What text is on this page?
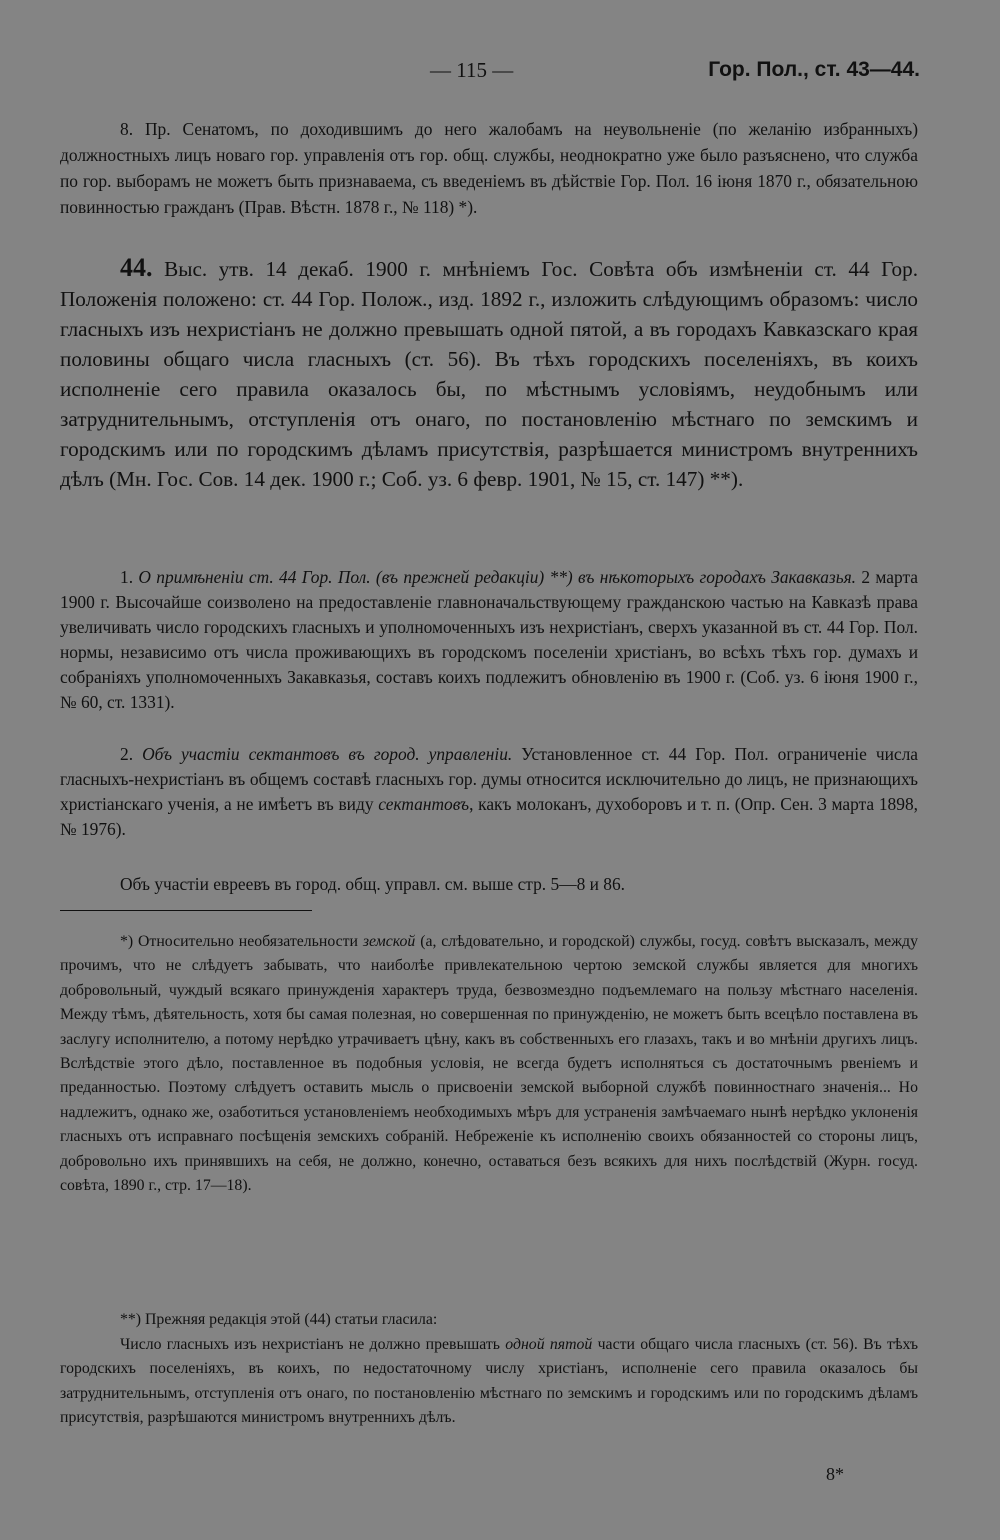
— 115 —	Гор. Пол., ст. 43—44.

8. Пр. Сенатомъ, по доходившимъ до него жалобамъ на неувольненіе (по желанію избранныхъ) должностныхъ лицъ новаго гор. управленія отъ гор. общ. службы, неоднократно уже было разъяснено, что служба по гор. выборамъ не можетъ быть признаваема, съ введеніемъ въ дѣйствіе Гор. Пол. 16 іюня 1870 г., обязательною повинностью гражданъ (Прав. Вѣстн. 1878 г., № 118) *).

44. Выс. утв. 14 декаб. 1900 г. мнѣніемъ Гос. Совѣта объ измѣненіи ст. 44 Гор. Положенія положено: ст. 44 Гор. Полож., изд. 1892 г., изложить слѣдующимъ образомъ: число гласныхъ изъ нехристіанъ не должно превышать одной пятой, а въ городахъ Кавказскаго края половины общаго числа гласныхъ (ст. 56). Въ тѣхъ городскихъ поселеніяхъ, въ коихъ исполненіе сего правила оказалось бы, по мѣстнымъ условіямъ, неудобнымъ или затруднительнымъ, отступленія отъ онаго, по постановленію мѣстнаго по земскимъ и городскимъ или по городскимъ дѣламъ присутствія, разрѣшается министромъ внутреннихъ дѣлъ (Мн. Гос. Сов. 14 дек. 1900 г.; Соб. уз. 6 февр. 1901, № 15, ст. 147) **).

1. О примѣненіи ст. 44 Гор. Пол. (въ прежней редакціи) **) въ нѣкоторыхъ городахъ Закавказья. 2 марта 1900 г. Высочайше соизволено на предоставленіе главноначальствующему гражданскою частью на Кавказѣ права увеличивать число городскихъ гласныхъ и уполномоченныхъ изъ нехристіанъ, сверхъ указанной въ ст. 44 Гор. Пол. нормы, независимо отъ числа проживающихъ въ городскомъ поселеніи христіанъ, во всѣхъ тѣхъ гор. думахъ и собраніяхъ уполномоченныхъ Закавказья, составъ коихъ подлежитъ обновленію въ 1900 г. (Соб. уз. 6 іюня 1900 г., № 60, ст. 1331).

2. Объ участіи сектантовъ въ город. управленіи. Установленное ст. 44 Гор. Пол. ограниченіе числа гласныхъ-нехристіанъ въ общемъ составѣ гласныхъ гор. думы относится исключительно до лицъ, не признающихъ христіанскаго ученія, а не имѣетъ въ виду сектантовъ, какъ молоканъ, духоборовъ и т. п. (Опр. Сен. 3 марта 1898, № 1976).

Объ участіи евреевъ въ город. общ. управл. см. выше стр. 5—8 и 86.

*) Относительно необязательности земской (а, слѣдовательно, и городской) службы, госуд. совѣтъ высказалъ, между прочимъ, что не слѣдуетъ забывать, что наиболѣе привлекательною чертою земской службы является для многихъ добровольный, чуждый всякаго принужденія характеръ труда, безвозмездно подъемлемаго на пользу мѣстнаго населенія. Между тѣмъ, дѣятельность, хотя бы самая полезная, но совершенная по принужденію, не можетъ быть всецѣло поставлена въ заслугу исполнителю, а потому нерѣдко утрачиваетъ цѣну, какъ въ собственныхъ его глазахъ, такъ и во мнѣніи другихъ лицъ. Вслѣдствіе этого дѣло, поставленное въ подобныя условія, не всегда будетъ исполняться съ достаточнымъ рвеніемъ и преданностью. Поэтому слѣдуетъ оставить мысль о присвоеніи земской выборной службѣ повинностнаго значенія... Но надлежитъ, однако же, озаботиться установленіемъ необходимыхъ мѣръ для устраненія замѣчаемаго нынѣ нерѣдко уклоненія гласныхъ отъ исправнаго посѣщенія земскихъ собраній. Небреженіе къ исполненію своихъ обязанностей со стороны лицъ, добровольно ихъ принявшихъ на себя, не должно, конечно, оставаться безъ всякихъ для нихъ послѣдствій (Журн. госуд. совѣта, 1890 г., стр. 17—18).

**) Прежняя редакція этой (44) статьи гласила:

Число гласныхъ изъ нехристіанъ не должно превышать одной пятой части общаго числа гласныхъ (ст. 56). Въ тѣхъ городскихъ поселеніяхъ, въ коихъ, по недостаточному числу христіанъ, исполненіе сего правила оказалось бы затруднительнымъ, отступленія отъ онаго, по постановленію мѣстнаго по земскимъ и городскимъ или по городскимъ дѣламъ присутствія, разрѣшаются министромъ внутреннихъ дѣлъ.

8*
